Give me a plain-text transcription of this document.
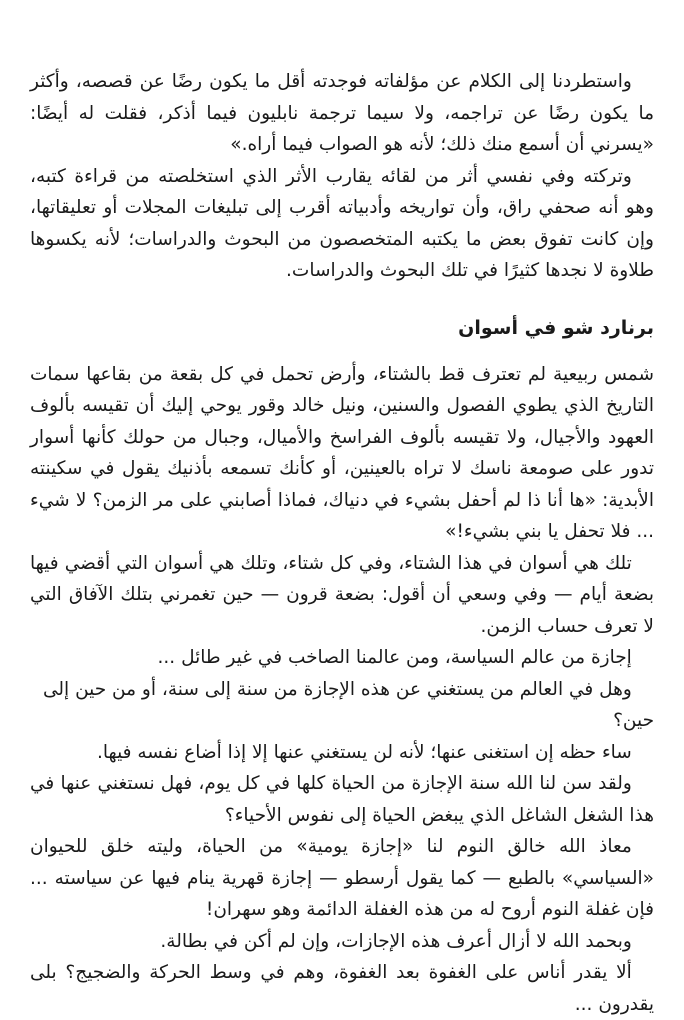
واستطردنا إلى الكلام عن مؤلفاته فوجدته أقل ما يكون رضًا عن قصصه، وأكثر ما يكون رضًا عن تراجمه، ولا سيما ترجمة نابليون فيما أذكر، فقلت له أيضًا: «يسرني أن أسمع منك ذلك؛ لأنه هو الصواب فيما أراه.»

وتركته وفي نفسي أثر من لقائه يقارب الأثر الذي استخلصته من قراءة كتبه، وهو أنه صحفي راق، وأن تواريخه وأدبياته أقرب إلى تبليغات المجلات أو تعليقاتها، وإن كانت تفوق بعض ما يكتبه المتخصصون من البحوث والدراسات؛ لأنه يكسوها طلاوة لا نجدها كثيرًا في تلك البحوث والدراسات.

برنارد شو في أسوان

شمس ربيعية لم تعترف قط بالشتاء، وأرض تحمل في كل بقعة من بقاعها سمات التاريخ الذي يطوي الفصول والسنين، ونيل خالد وقور يوحي إليك أن تقيسه بألوف العهود والأجيال، ولا تقيسه بألوف الفراسخ والأميال، وجبال من حولك كأنها أسوار تدور على صومعة ناسك لا تراه بالعينين، أو كأنك تسمعه بأذنيك يقول في سكينته الأبدية: «ها أنا ذا لم أحفل بشيء في دنياك، فماذا أصابني على مر الزمن؟ لا شيء ... فلا تحفل يا بني بشيء!»

تلك هي أسوان في هذا الشتاء، وفي كل شتاء، وتلك هي أسوان التي أقضي فيها بضعة أيام — وفي وسعي أن أقول: بضعة قرون — حين تغمرني بتلك الآفاق التي لا تعرف حساب الزمن.

إجازة من عالم السياسة، ومن عالمنا الصاخب في غير طائل ...

وهل في العالم من يستغني عن هذه الإجازة من سنة إلى سنة، أو من حين إلى حين؟

ساء حظه إن استغنى عنها؛ لأنه لن يستغني عنها إلا إذا أضاع نفسه فيها.

ولقد سن لنا الله سنة الإجازة من الحياة كلها في كل يوم، فهل نستغني عنها في هذا الشغل الشاغل الذي يبغض الحياة إلى نفوس الأحياء؟

معاذ الله خالق النوم لنا «إجازة يومية» من الحياة، وليته خلق للحيوان «السياسي» بالطبع — كما يقول أرسطو — إجازة قهرية ينام فيها عن سياسته ... فإن غفلة النوم أروح له من هذه الغفلة الدائمة وهو سهران!

وبحمد الله لا أزال أعرف هذه الإجازات، وإن لم أكن في بطالة.

ألا يقدر أناس على الغفوة بعد الغفوة، وهم في وسط الحركة والضجيج؟ بلى يقدرون ...
